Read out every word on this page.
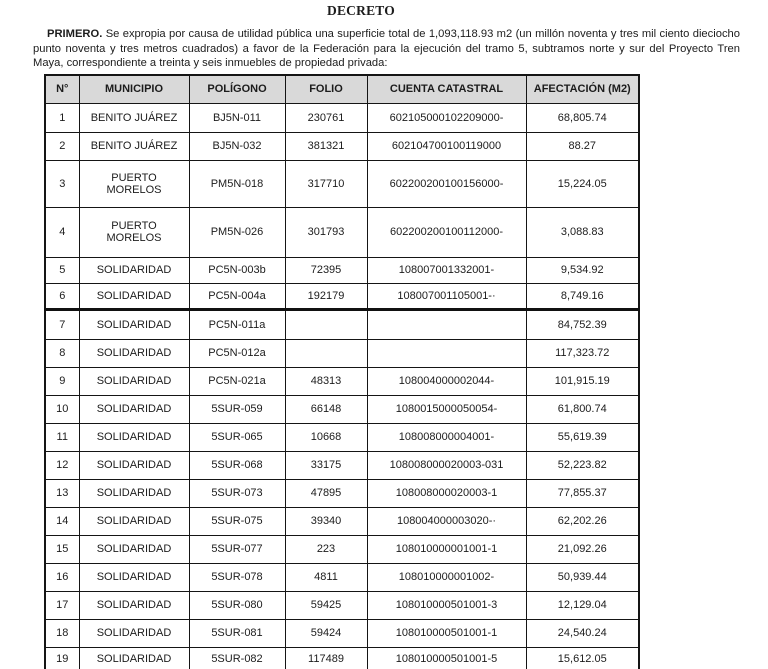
DECRETO

PRIMERO. Se expropia por causa de utilidad pública una superficie total de 1,093,118.93 m2 (un millón noventa y tres mil ciento dieciocho punto noventa y tres metros cuadrados) a favor de la Federación para la ejecución del tramo 5, subtramos norte y sur del Proyecto Tren Maya, correspondiente a treinta y seis inmuebles de propiedad privada:

N°	MUNICIPIO	POLÍGONO	FOLIO	CUENTA CATASTRAL	AFECTACIÓN (M2)
1	BENITO JUÁREZ	BJ5N-011	230761	602105000102209000-	68,805.74
2	BENITO JUÁREZ	BJ5N-032	381321	602104700100119000	88.27
3	PUERTO MORELOS	PM5N-018	317710	602200200100156000-	15,224.05
4	PUERTO MORELOS	PM5N-026	301793	602200200100112000-	3,088.83
5	SOLIDARIDAD	PC5N-003b	72395	108007001332001-	9,534.92
6	SOLIDARIDAD	PC5N-004a	192179	108007001105001-·	8,749.16
7	SOLIDARIDAD	PC5N-011a			84,752.39
8	SOLIDARIDAD	PC5N-012a			117,323.72
9	SOLIDARIDAD	PC5N-021a	48313	108004000002044-	101,915.19
10	SOLIDARIDAD	5SUR-059	66148	1080015000050054-	61,800.74
11	SOLIDARIDAD	5SUR-065	10668	108008000004001-	55,619.39
12	SOLIDARIDAD	5SUR-068	33175	108008000020003-031	52,223.82
13	SOLIDARIDAD	5SUR-073	47895	108008000020003-1	77,855.37
14	SOLIDARIDAD	5SUR-075	39340	108004000003020-·	62,202.26
15	SOLIDARIDAD	5SUR-077	223	108010000001001-1	21,092.26
16	SOLIDARIDAD	5SUR-078	4811	108010000001002-	50,939.44
17	SOLIDARIDAD	5SUR-080	59425	108010000501001-3	12,129.04
18	SOLIDARIDAD	5SUR-081	59424	108010000501001-1	24,540.24
19	SOLIDARIDAD	5SUR-082	117489	108010000501001-5	15,612.05
